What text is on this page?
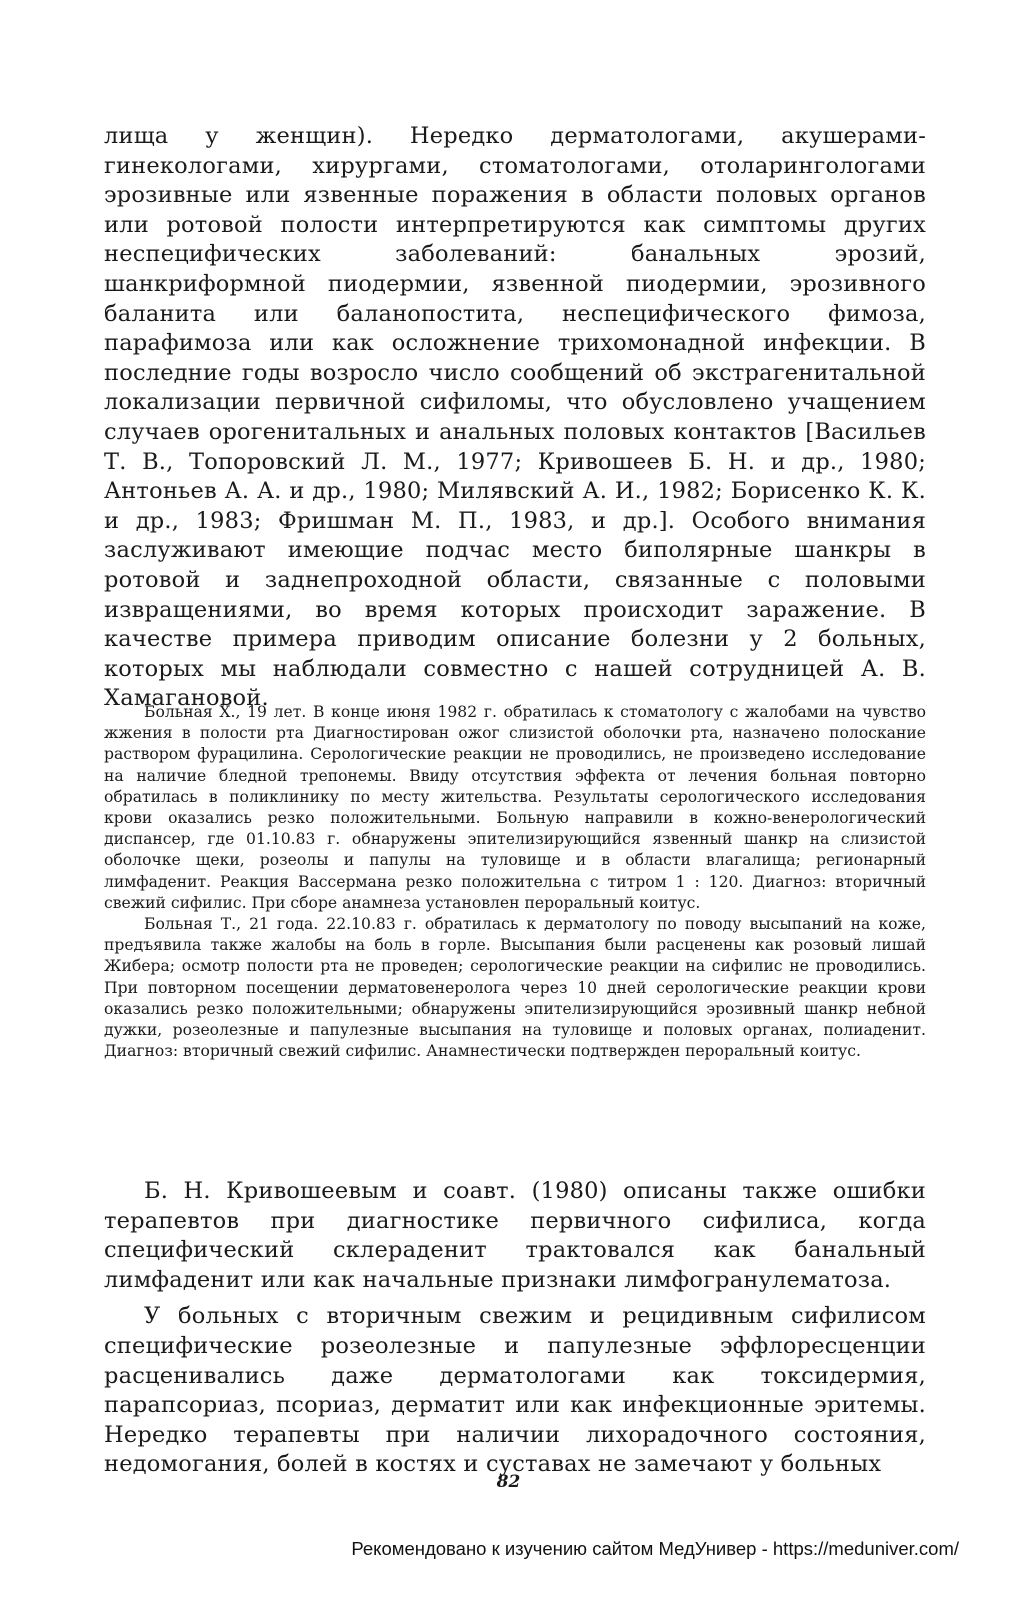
лища у женщин). Нередко дерматологами, акушерами-гинекологами, хирургами, стоматологами, отоларингологами эрозивные или язвенные поражения в области половых органов или ротовой полости интерпретируются как симптомы других неспецифических заболеваний: банальных эрозий, шанкриформной пиодермии, язвенной пиодермии, эрозивного баланита или баланопостита, неспецифического фимоза, парафимоза или как осложнение трихомонадной инфекции. В последние годы возросло число сообщений об экстрагенитальной локализации первичной сифиломы, что обусловлено учащением случаев орогенитальных и анальных половых контактов [Васильев Т. В., Топоровский Л. М., 1977; Кривошеев Б. Н. и др., 1980; Антоньев А. А. и др., 1980; Милявский А. И., 1982; Борисенко К. К. и др., 1983; Фришман М. П., 1983, и др.]. Особого внимания заслуживают имеющие подчас место биполярные шанкры в ротовой и заднепроходной области, связанные с половыми извращениями, во время которых происходит заражение. В качестве примера приводим описание болезни у 2 больных, которых мы наблюдали совместно с нашей сотрудницей А. В. Хамагановой.

Больная Х., 19 лет. В конце июня 1982 г. обратилась к стоматологу с жалобами на чувство жжения в полости рта Диагностирован ожог слизистой оболочки рта, назначено полоскание раствором фурацилина. Серологические реакции не проводились, не произведено исследование на наличие бледной трепонемы. Ввиду отсутствия эффекта от лечения больная повторно обратилась в поликлинику по месту жительства. Результаты серологического исследования крови оказались резко положительными. Больную направили в кожно-венерологический диспансер, где 01.10.83 г. обнаружены эпителизирующийся язвенный шанкр на слизистой оболочке щеки, розеолы и папулы на туловище и в области влагалища; регионарный лимфаденит. Реакция Вассермана резко положительна с титром 1 : 120. Диагноз: вторичный свежий сифилис. При сборе анамнеза установлен пероральный коитус.

Больная Т., 21 года. 22.10.83 г. обратилась к дерматологу по поводу высыпаний на коже, предъявила также жалобы на боль в горле. Высыпания были расценены как розовый лишай Жибера; осмотр полости рта не проведен; серологические реакции на сифилис не проводились. При повторном посещении дерматовенеролога через 10 дней серологические реакции крови оказались резко положительными; обнаружены эпителизирующийся эрозивный шанкр небной дужки, розеолезные и папулезные высыпания на туловище и половых органах, полиаденит. Диагноз: вторичный свежий сифилис. Анамнестически подтвержден пероральный коитус.

Б. Н. Кривошеевым и соавт. (1980) описаны также ошибки терапевтов при диагностике первичного сифилиса, когда специфический склераденит трактовался как банальный лимфаденит или как начальные признаки лимфогранулематоза.

У больных с вторичным свежим и рецидивным сифилисом специфические розеолезные и папулезные эффлоресценции расценивались даже дерматологами как токсидермия, парапсориаз, псориаз, дерматит или как инфекционные эритемы. Нередко терапевты при наличии лихорадочного состояния, недомогания, болей в костях и суставах не замечают у больных

82
Рекомендовано к изучению сайтом МедУнивер - https://meduniver.com/
